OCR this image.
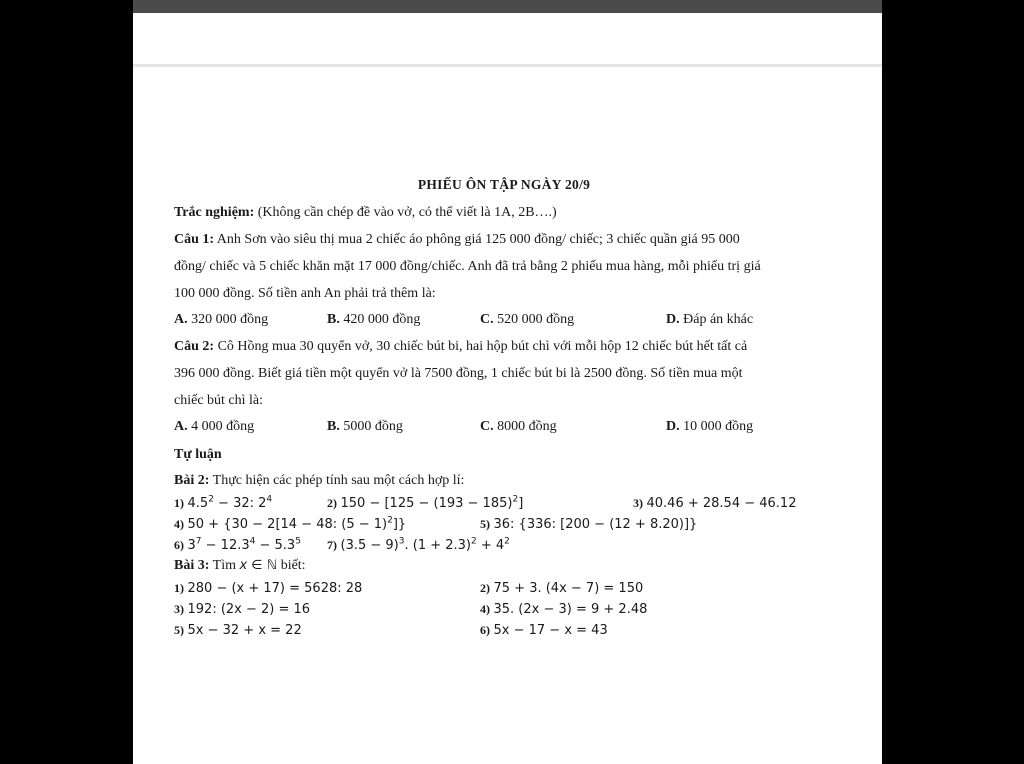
PHIẾU ÔN TẬP NGÀY 20/9
Trắc nghiệm: (Không cần chép đề vào vở, có thể viết là 1A, 2B….)
Câu 1: Anh Sơn vào siêu thị mua 2 chiếc áo phông giá 125 000 đồng/ chiếc; 3 chiếc quần giá 95 000
đồng/ chiếc và 5 chiếc khăn mặt 17 000 đồng/chiếc. Anh đã trả bằng 2 phiếu mua hàng, mỗi phiếu trị giá
100 000 đồng. Số tiền anh An phải trả thêm là:
A. 320 000 đồng	B. 420 000 đồng	C. 520 000 đồng	D. Đáp án khác
Câu 2: Cô Hồng mua 30 quyển vở, 30 chiếc bút bi, hai hộp bút chì với mỗi hộp 12 chiếc bút hết tất cả
396 000 đồng. Biết giá tiền một quyển vở là 7500 đồng, 1 chiếc bút bi là 2500 đồng. Số tiền mua một
chiếc bút chì là:
A. 4 000 đồng	B. 5000 đồng	C. 8000 đồng	D. 10 000 đồng
Tự luận
Bài 2: Thực hiện các phép tính sau một cách hợp lí:
1) $4.5^2 - 32$: $2^4$	2) $150 - [125 - (193 - 185)^2]$	3) 40.46 + 28.54 − 46.12
4) 50 + {30 − 2[14 − 48: $(5 - 1)^2$]}	5) 36: {336: [200 − (12 + 8.20)]}
6) $3^7 - 12.3^4 - 5.3^5$ 7) $(3.5 - 9)^3$. $(1 + 2.3)^2 + 4^2$
Bài 3: Tìm x ∈ ℕ biết:
1) 280 − (x + 17) = 5628: 28	2) 75 + 3. (4x − 7) = 150
3) 192: (2x − 2) = 16	4) 35. (2x − 3) = 9 + 2.48
5) 5x − 32 + x = 22	6) 5x − 17 − x = 43
